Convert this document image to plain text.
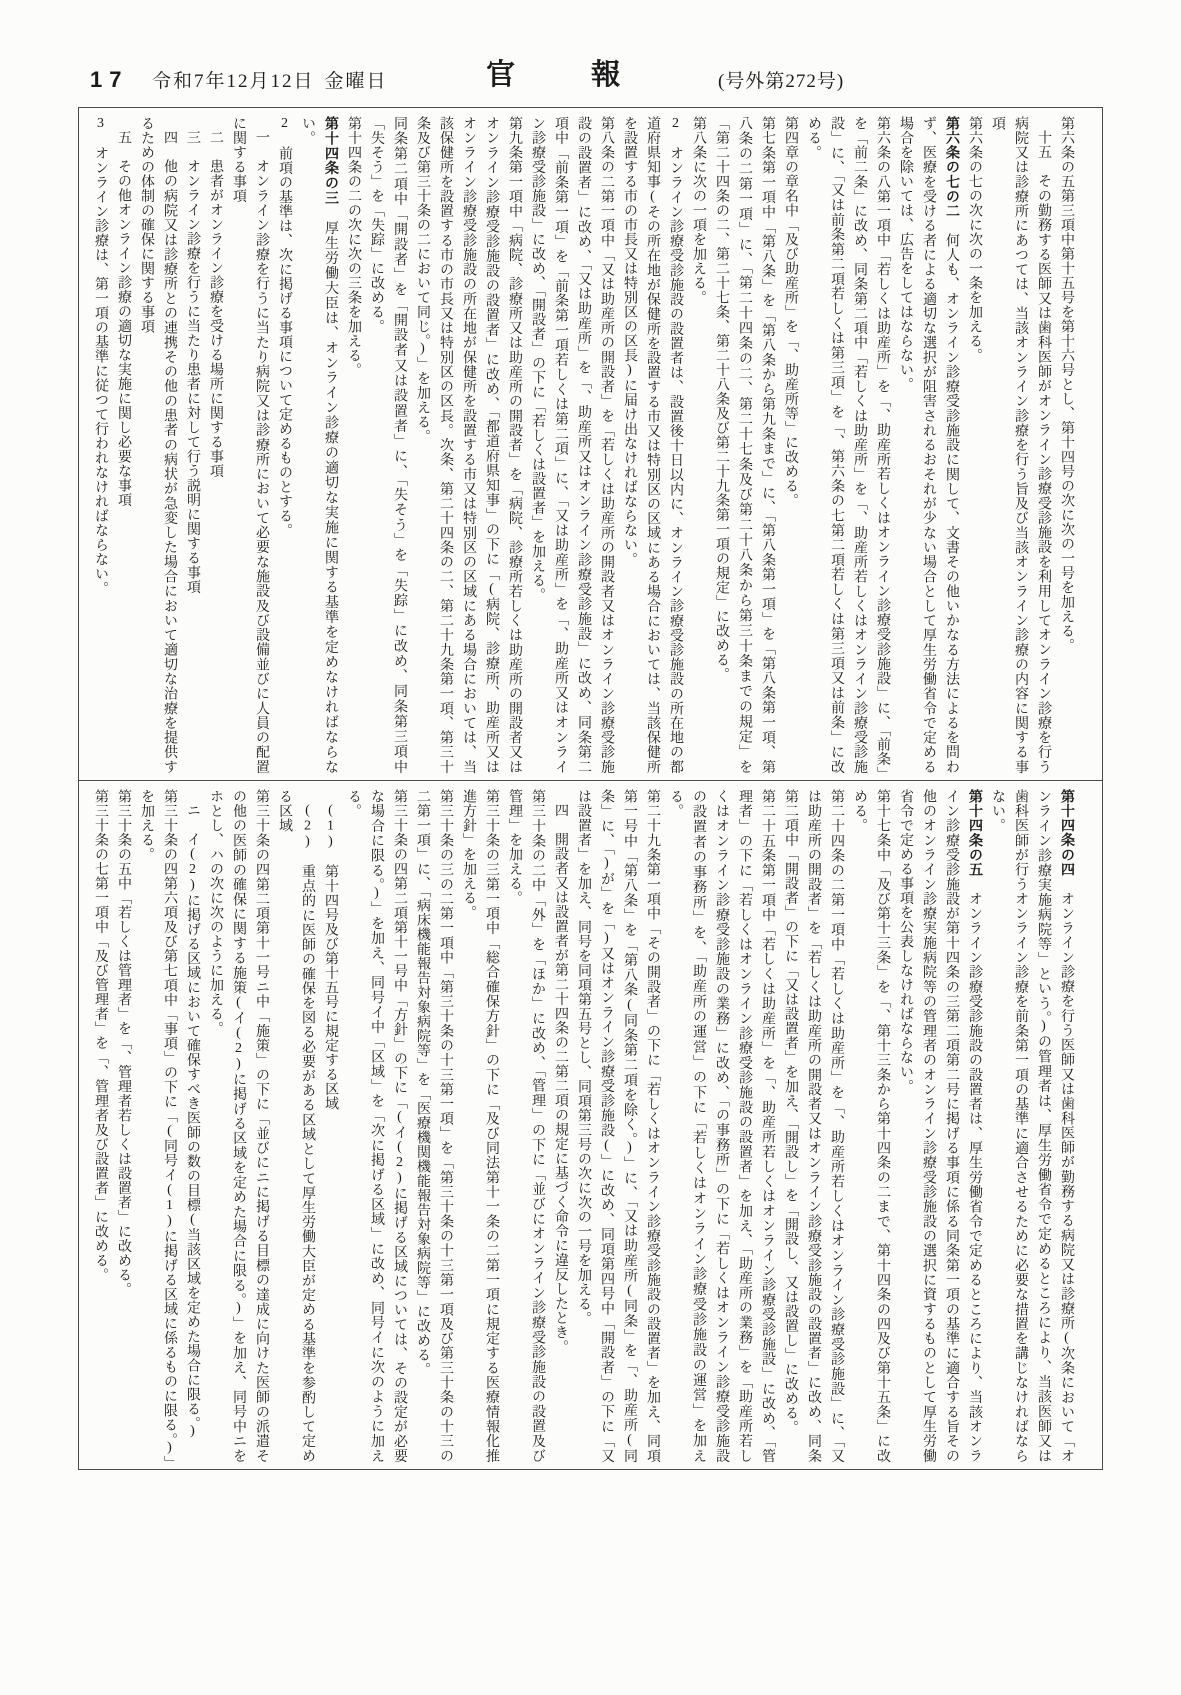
17 令和7年12月12日 金曜日	官報 (号外第272号)

第六条の五第三項中第十五号を第十六号とし、第十四号の次に次の一号を加える。

十五　その勤務する医師又は歯科医師がオンライン診療受診施設を利用してオンライン診療を行う病院又は診療所にあつては、当該オンライン診療を行う旨及び当該オンライン診療の内容に関する事項

第六条の七の次に次の一条を加える。

第六条の七の二　何人も、オンライン診療受診施設に関して、文書その他いかなる方法によるを問わず、医療を受ける者による適切な選択が阻害されるおそれが少ない場合として厚生労働省令で定める場合を除いては、広告をしてはならない。

第六条の八第一項中「若しくは助産所」を「、助産所若しくはオンライン診療受診施設」に、「前条」を「前二条」に改め、同条第二項中「若しくは助産所」を「、助産所若しくはオンライン診療受診施設」に、「又は前条第二項若しくは第三項」を「、第六条の七第二項若しくは第三項又は前条」に改める。

第四章の章名中「及び助産所」を「、助産所等」に改める。

第七条第一項中「第八条」を「第八条から第九条まで」に、「第八条第一項」を「第八条第一項、第八条の二第一項」に、「第二十四条の二、第二十七条及び第二十八条から第三十条までの規定」を「第二十四条の二、第二十七条、第二十八条及び第二十九条第一項の規定」に改める。

第八条に次の一項を加える。

2　オンライン診療受診施設の設置者は、設置後十日以内に、オンライン診療受診施設の所在地の都道府県知事(その所在地が保健所を設置する市又は特別区の区域にある場合においては、当該保健所を設置する市の市長又は特別区の区長)に届け出なければならない。

第八条の二第一項中「又は助産所の開設者」を「若しくは助産所の開設者又はオンライン診療受診施設の設置者」に改め、「又は助産所」を「、助産所又はオンライン診療受診施設」に改め、同条第二項中「前条第一項」を「前条第一項若しくは第二項」に、「又は助産所」を「、助産所又はオンライン診療受診施設」に改め、「開設者」の下に「若しくは設置者」を加える。

第九条第一項中「病院、診療所又は助産所の開設者」を「病院、診療所若しくは助産所の開設者又はオンライン診療受診施設の設置者」に改め、「都道府県知事」の下に「(病院、診療所、助産所又はオンライン診療受診施設の所在地が保健所を設置する市又は特別区の区域にある場合においては、当該保健所を設置する市の市長又は特別区の区長。次条、第二十四条の二、第二十九条第一項、第三十条及び第三十条の二において同じ。)」を加える。

同条第二項中「開設者」を「開設者又は設置者」に、「失そう」を「失踪」に改め、同条第三項中「失そう」を「失踪」に改める。

第十四条の二の次に次の三条を加える。

第十四条の三　厚生労働大臣は、オンライン診療の適切な実施に関する基準を定めなければならない。

2　前項の基準は、次に掲げる事項について定めるものとする。

一　オンライン診療を行うに当たり病院又は診療所において必要な施設及び設備並びに人員の配置に関する事項

二　患者がオンライン診療を受ける場所に関する事項

三　オンライン診療を行うに当たり患者に対して行う説明に関する事項

四　他の病院又は診療所との連携その他の患者の病状が急変した場合において適切な治療を提供するための体制の確保に関する事項

五　その他オンライン診療の適切な実施に関し必要な事項

3　オンライン診療は、第一項の基準に従つて行われなければならない。

第十四条の四　オンライン診療を行う医師又は歯科医師が勤務する病院又は診療所(次条において「オンライン診療実施病院等」という。)の管理者は、厚生労働省令で定めるところにより、当該医師又は歯科医師が行うオンライン診療を前条第一項の基準に適合させるために必要な措置を講じなければならない。

第十四条の五　オンライン診療受診施設の設置者は、厚生労働省令で定めるところにより、当該オンライン診療受診施設が第十四条の三第二項第二号に掲げる事項に係る同条第一項の基準に適合する旨その他のオンライン診療実施病院等の管理者のオンライン診療受診施設の選択に資するものとして厚生労働省令で定める事項を公表しなければならない。

第十七条中「及び第十三条」を「、第十三条から第十四条の二まで、第十四条の四及び第十五条」に改める。

第二十四条の二第一項中「若しくは助産所」を「、助産所若しくはオンライン診療受診施設」に、「又は助産所の開設者」を「若しくは助産所の開設者又はオンライン診療受診施設の設置者」に改め、同条第二項中「開設者」の下に「又は設置者」を加え、「開設し」を「開設し、又は設置し」に改める。

第二十五条第一項中「若しくは助産所」を「、助産所若しくはオンライン診療受診施設」に改め、「管理者」の下に「若しくはオンライン診療受診施設の設置者」を加え、「助産所の業務」を「助産所若しくはオンライン診療受診施設の業務」に改め、「の事務所」の下に「若しくはオンライン診療受診施設の設置者の事務所」を、「助産所の運営」の下に「若しくはオンライン診療受診施設の運営」を加える。

第二十九条第一項中「その開設者」の下に「若しくはオンライン診療受診施設の設置者」を加え、同項第一号中「第八条」を「第八条(同条第二項を除く。)」に、「又は助産所(同条」を「、助産所(同条」に、「)が」を「)又はオンライン診療受診施設(」に改め、同項第四号中「開設者」の下に「又は設置者」を加え、同号を同項第五号とし、同項第三号の次に次の一号を加える。

四　開設者又は設置者が第二十四条の二第二項の規定に基づく命令に違反したとき。

第三十条の二中「外」を「ほか」に改め、「管理」の下に「並びにオンライン診療受診施設の設置及び管理」を加える。

第三十条の三第一項中「総合確保方針」の下に「及び同法第十一条の二第一項に規定する医療情報化推進方針」を加える。

第三十条の三の二第一項中「第三十条の十三第一項」を「第三十条の十三第一項及び第三十条の十三の二第一項」に、「病床機能報告対象病院等」を「医療機関機能報告対象病院等」に改める。

第三十条の四第二項第十一号中「方針」の下に「(イ(2)に掲げる区域については、その設定が必要な場合に限る。)」を加え、同号イ中「区域」を「次に掲げる区域」に改め、同号イに次のように加える。

(1)　第十四号及び第十五号に規定する区域

(2)　重点的に医師の確保を図る必要がある区域として厚生労働大臣が定める基準を参酌して定める区域

第三十条の四第二項第十一号ニ中「施策」の下に「並びにニに掲げる目標の達成に向けた医師の派遣その他の医師の確保に関する施策(イ(2)に掲げる区域を定めた場合に限る。)」を加え、同号中ニをホとし、ハの次に次のように加える。

ニ　イ(2)に掲げる区域において確保すべき医師の数の目標(当該区域を定めた場合に限る。)

第三十条の四第六項及び第七項中「事項」の下に「(同号イ(1)に掲げる区域に係るものに限る。)」を加える。

第三十条の五中「若しくは管理者」を「、管理者若しくは設置者」に改める。

第三十条の七第一項中「及び管理者」を「、管理者及び設置者」に改める。
